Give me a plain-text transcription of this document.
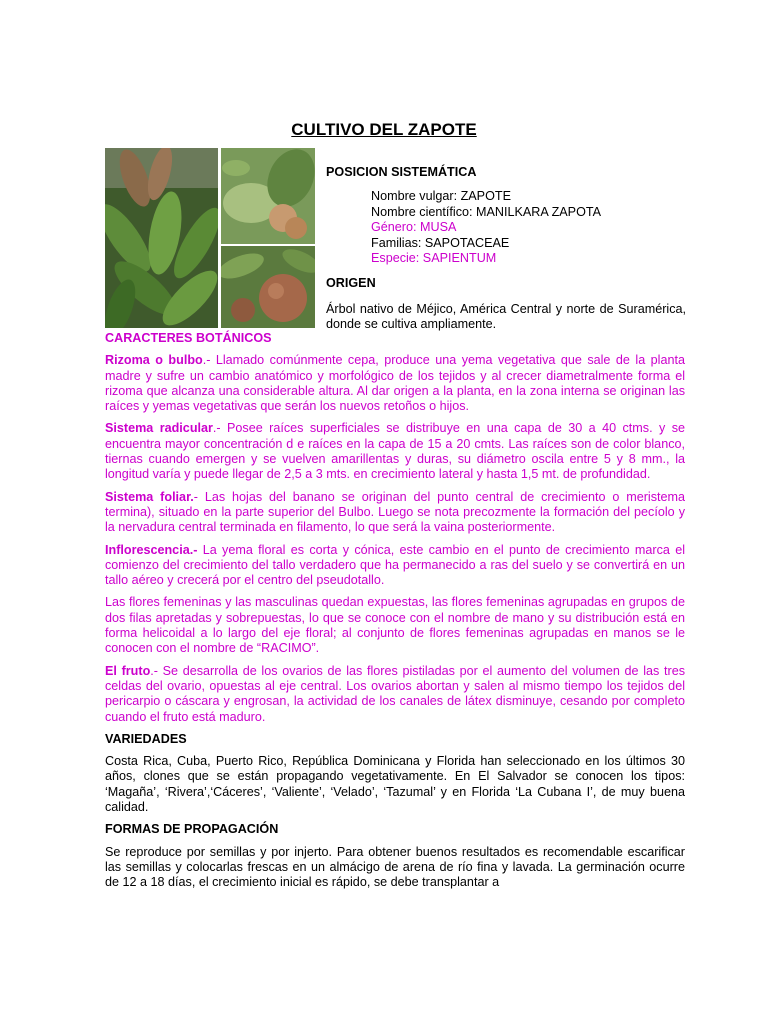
CULTIVO DEL ZAPOTE

POSICION SISTEMÁTICA

Nombre vulgar: ZAPOTE
Nombre científico: MANILKARA ZAPOTA
Género: MUSA
Familias: SAPOTACEAE
Especie: SAPIENTUM

ORIGEN

Árbol nativo de Méjico, América Central y norte de Suramérica, donde se cultiva ampliamente.

CARACTERES BOTÁNICOS

Rizoma o bulbo.- Llamado comúnmente cepa, produce una yema vegetativa que sale de la planta madre y sufre un cambio anatómico y morfológico de los tejidos y al crecer diametralmente forma el rizoma que alcanza una considerable altura. Al dar origen a la planta, en la zona interna se originan las raíces y yemas vegetativas que serán los nuevos retoños o hijos.

Sistema radicular.- Posee raíces superficiales se distribuye en una capa de 30 a 40 ctms. y se encuentra mayor concentración d e raíces en la capa de 15 a 20 cmts. Las raíces son de color blanco, tiernas cuando emergen y se vuelven amarillentas y duras, su diámetro oscila entre 5 y 8 mm., la longitud varía y puede llegar de 2,5 a 3 mts. en crecimiento lateral y hasta 1,5 mt. de profundidad.

Sistema foliar.- Las hojas del banano se originan del punto central de crecimiento o meristema termina), situado en la parte superior del Bulbo. Luego se nota precozmente la formación del pecíolo y la nervadura central terminada en filamento, lo que será la vaina posteriormente.

Inflorescencia.- La yema floral es corta y cónica, este cambio en el punto de crecimiento marca el comienzo del crecimiento del tallo verdadero que ha permanecido a ras del suelo y se convertirá en un tallo aéreo y crecerá por el centro del pseudotallo.

Las flores femeninas y las masculinas quedan expuestas, las flores femeninas agrupadas en grupos de dos filas apretadas y sobrepuestas, lo que se conoce con el nombre de mano y su distribución está en forma helicoidal a lo largo del eje floral; al conjunto de flores femeninas agrupadas en manos se le conocen con el nombre de “RACIMO”.

El fruto.- Se desarrolla de los ovarios de las flores pistiladas por el aumento del volumen de las tres celdas del ovario, opuestas al eje central. Los ovarios abortan y salen al mismo tiempo los tejidos del pericarpio o cáscara y engrosan, la actividad de los canales de látex disminuye, cesando por completo cuando el fruto está maduro.

VARIEDADES

Costa Rica, Cuba, Puerto Rico, República Dominicana y Florida han seleccionado en los últimos 30 años, clones que se están propagando vegetativamente. En El Salvador se conocen los tipos: ‘Magaña’, ‘Rivera’,‘Cáceres’, ‘Valiente’, ‘Velado’, ‘Tazumal’ y en Florida ‘La Cubana I’, de muy buena calidad.

FORMAS DE PROPAGACIÓN

Se reproduce por semillas y por injerto. Para obtener buenos resultados es recomendable escarificar las semillas y colocarlas frescas en un almácigo de arena de río fina y lavada. La germinación ocurre de 12 a 18 días, el crecimiento inicial es rápido, se debe transplantar a
